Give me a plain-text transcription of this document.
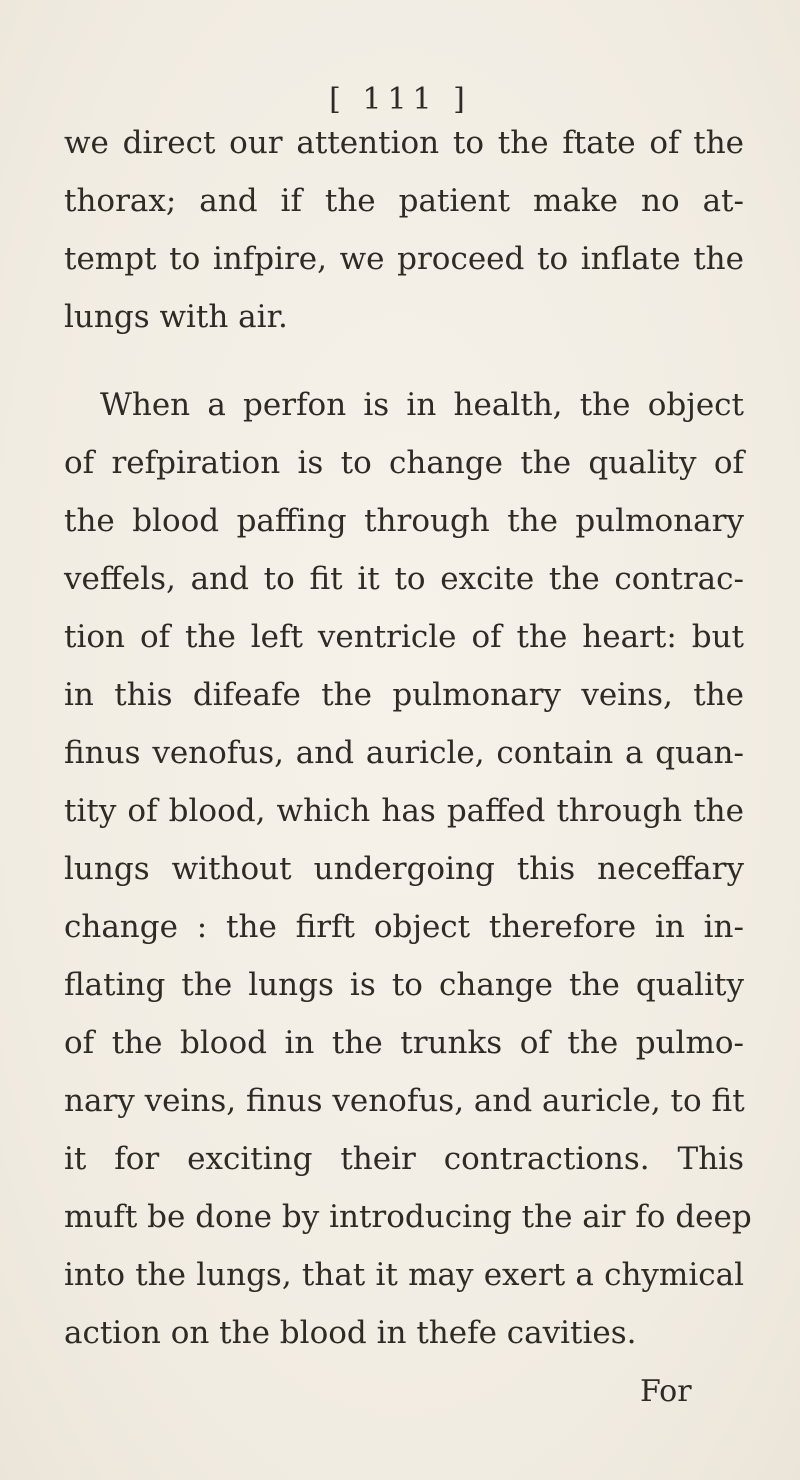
[ 111 ]
we direct our attention to the ftate of the
thorax; and if the patient make no at-
tempt to infpire, we proceed to inflate the
lungs with air.
When a perfon is in health, the object
of refpiration is to change the quality of
the blood paffing through the pulmonary
veffels, and to fit it to excite the contrac-
tion of the left ventricle of the heart: but
in this difeafe the pulmonary veins, the
finus venofus, and auricle, contain a quan-
tity of blood, which has paffed through the
lungs without undergoing this neceffary
change : the firft object therefore in in-
flating the lungs is to change the quality
of the blood in the trunks of the pulmo-
nary veins, finus venofus, and auricle, to fit
it for exciting their contractions. This
muft be done by introducing the air fo deep
into the lungs, that it may exert a chymical
action on the blood in thefe cavities.
For
